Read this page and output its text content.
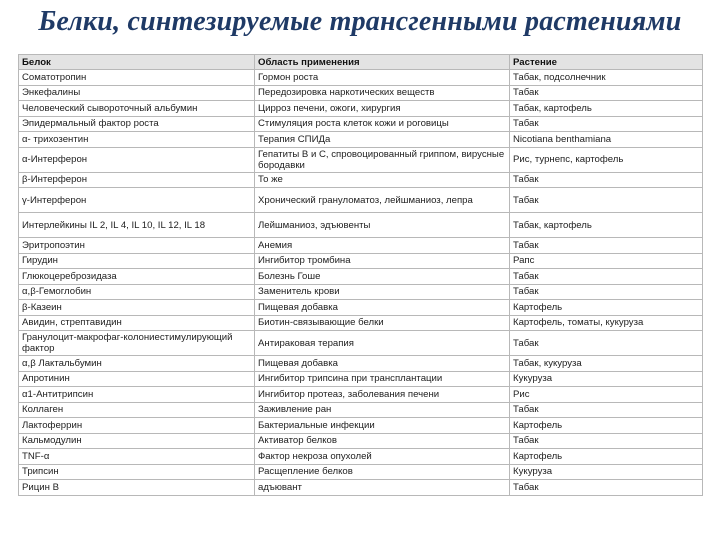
Белки, синтезируемые трансгенными растениями
Белок	Область применения	Растение
Соматотропин	Гормон роста	Табак, подсолнечник
Энкефалины	Передозировка наркотических веществ	Табак
Человеческий сывороточный альбумин	Цирроз печени, ожоги, хирургия	Табак, картофель
Эпидермальный фактор роста	Стимуляция роста клеток кожи и роговицы	Табак
α- трихозентин	Терапия СПИДа	Nicotiana benthamiana
α-Интерферон	Гепатиты В и С, спровоцированный гриппом, вирусные бородавки	Рис, турнепс, картофель
β-Интерферон	То же	Табак
γ-Интерферон	Хронический грануломатоз, лейшманиоз, лепра	Табак
Интерлейкины IL 2, IL 4, IL 10, IL 12, IL 18	Лейшманиоз, эдъювенты	Табак, картофель
Эритропоэтин	Анемия	Табак
Гирудин	Ингибитор тромбина	Рапс
Глюкоцереброзидаза	Болезнь Гоше	Табак
α,β-Гемоглобин	Заменитель крови	Табак
β-Казеин	Пищевая добавка	Картофель
Авидин, стрептавидин	Биотин-связывающие белки	Картофель, томаты, кукуруза
Гранулоцит-макрофаг-колониестимулирующий фактор	Антираковая терапия	Табак
α,β Лактальбумин	Пищевая добавка	Табак, кукуруза
Апротинин	Ингибитор трипсина при трансплантации	Кукуруза
α1-Антитрипсин	Ингибитор протеаз, заболевания печени	Рис
Коллаген	Заживление ран	Табак
Лактоферрин	Бактериальные инфекции	Картофель
Кальмодулин	Активатор белков	Табак
TNF-α	Фактор некроза опухолей	Картофель
Трипсин	Расщепление белков	Кукуруза
Рицин В	адъювант	Табак
